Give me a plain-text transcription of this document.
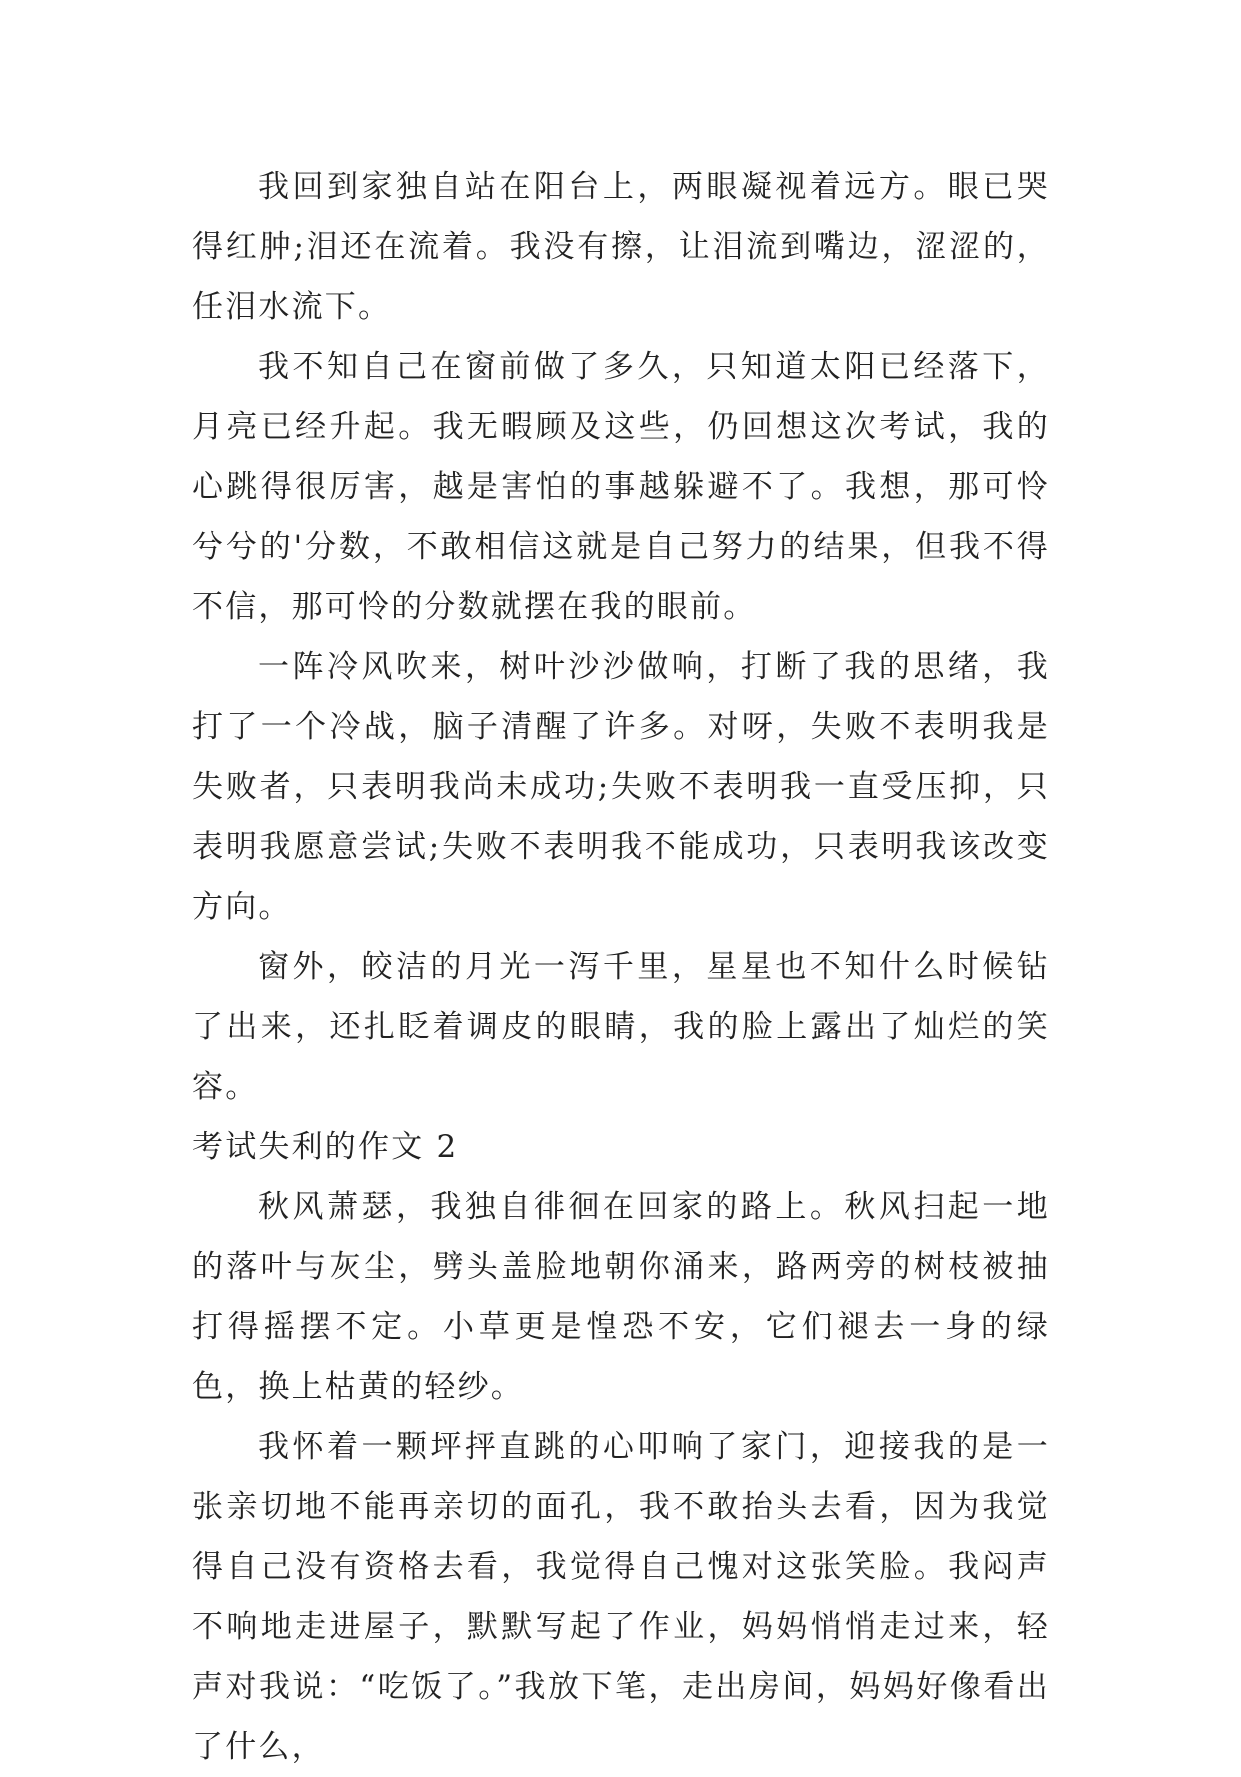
我回到家独自站在阳台上，两眼凝视着远方。眼已哭得红肿;泪还在流着。我没有擦，让泪流到嘴边，涩涩的，任泪水流下。

我不知自己在窗前做了多久，只知道太阳已经落下，月亮已经升起。我无暇顾及这些，仍回想这次考试，我的心跳得很厉害，越是害怕的事越躲避不了。我想，那可怜兮兮的'分数，不敢相信这就是自己努力的结果，但我不得不信，那可怜的分数就摆在我的眼前。

一阵冷风吹来，树叶沙沙做响，打断了我的思绪，我打了一个冷战，脑子清醒了许多。对呀，失败不表明我是失败者，只表明我尚未成功;失败不表明我一直受压抑，只表明我愿意尝试;失败不表明我不能成功，只表明我该改变方向。

窗外，皎洁的月光一泻千里，星星也不知什么时候钻了出来，还扎眨着调皮的眼睛，我的脸上露出了灿烂的笑容。

考试失利的作文 2

秋风萧瑟，我独自徘徊在回家的路上。秋风扫起一地的落叶与灰尘，劈头盖脸地朝你涌来，路两旁的树枝被抽打得摇摆不定。小草更是惶恐不安，它们褪去一身的绿色，换上枯黄的轻纱。

我怀着一颗坪抨直跳的心叩响了家门，迎接我的是一张亲切地不能再亲切的面孔，我不敢抬头去看，因为我觉得自己没有资格去看，我觉得自己愧对这张笑脸。我闷声不响地走进屋子，默默写起了作业，妈妈悄悄走过来，轻声对我说：“吃饭了。”我放下笔，走出房间，妈妈好像看出了什么，
